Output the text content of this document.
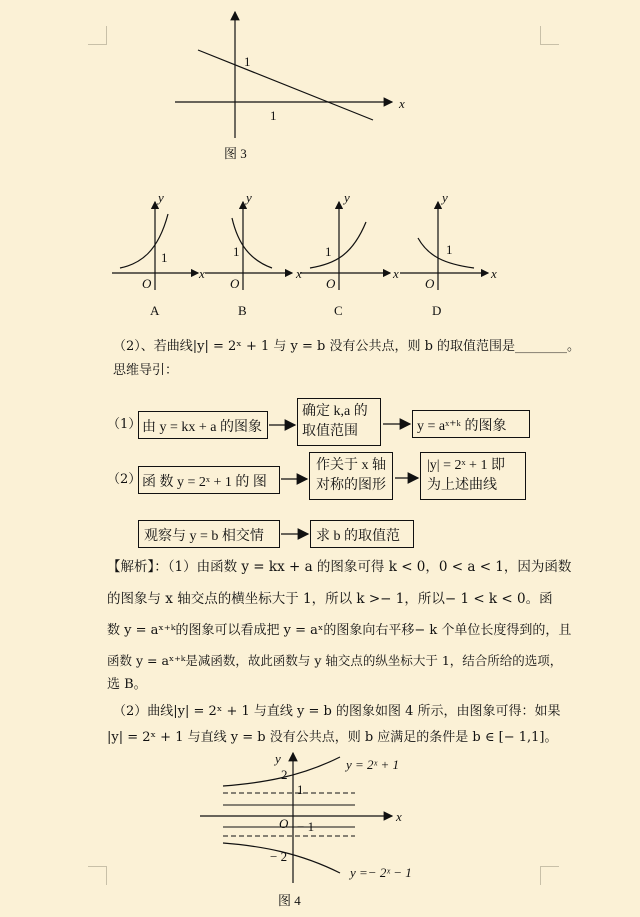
x
1
1
图 3
y
x
O
1
A
y
x
O
1
B
y
x
O
1
C
y
x
O
1
D
（2）、若曲线|y| = 2ˣ + 1 与 y = b 没有公共点，则 b 的取值范围是________。
思维导引：
（1） 由 y = kx + a 的图象
确定 k,a 的
取值范围	y = aˣ⁺ᵏ 的图象
（2） 函 数 y = 2ˣ + 1 的 图
作关于 x 轴
对称的图形
|y| = 2ˣ + 1 即
为上述曲线
观察与 y = b 相交情	求 b 的取值范
【解析】：（1）由函数 y = kx + a 的图象可得 k < 0，0 < a < 1，因为函数
的图象与 x 轴交点的横坐标大于 1，所以 k >− 1，所以− 1 < k < 0。函
数 y = aˣ⁺ᵏ的图象可以看成把 y = aˣ的图象向右平移− k 个单位长度得到的，且
函数 y = aˣ⁺ᵏ是减函数，故此函数与 y 轴交点的纵坐标大于 1，结合所给的选项，
选 B。
（2）曲线|y| = 2ˣ + 1 与直线 y = b 的图象如图 4 所示，由图象可得：如果
|y| = 2ˣ + 1 与直线 y = b 没有公共点，则 b 应满足的条件是 b ∈ [− 1,1]。
y
x
O
2
1
− 1
− 2
y = 2ˣ + 1
y =− 2ˣ − 1
图 4
